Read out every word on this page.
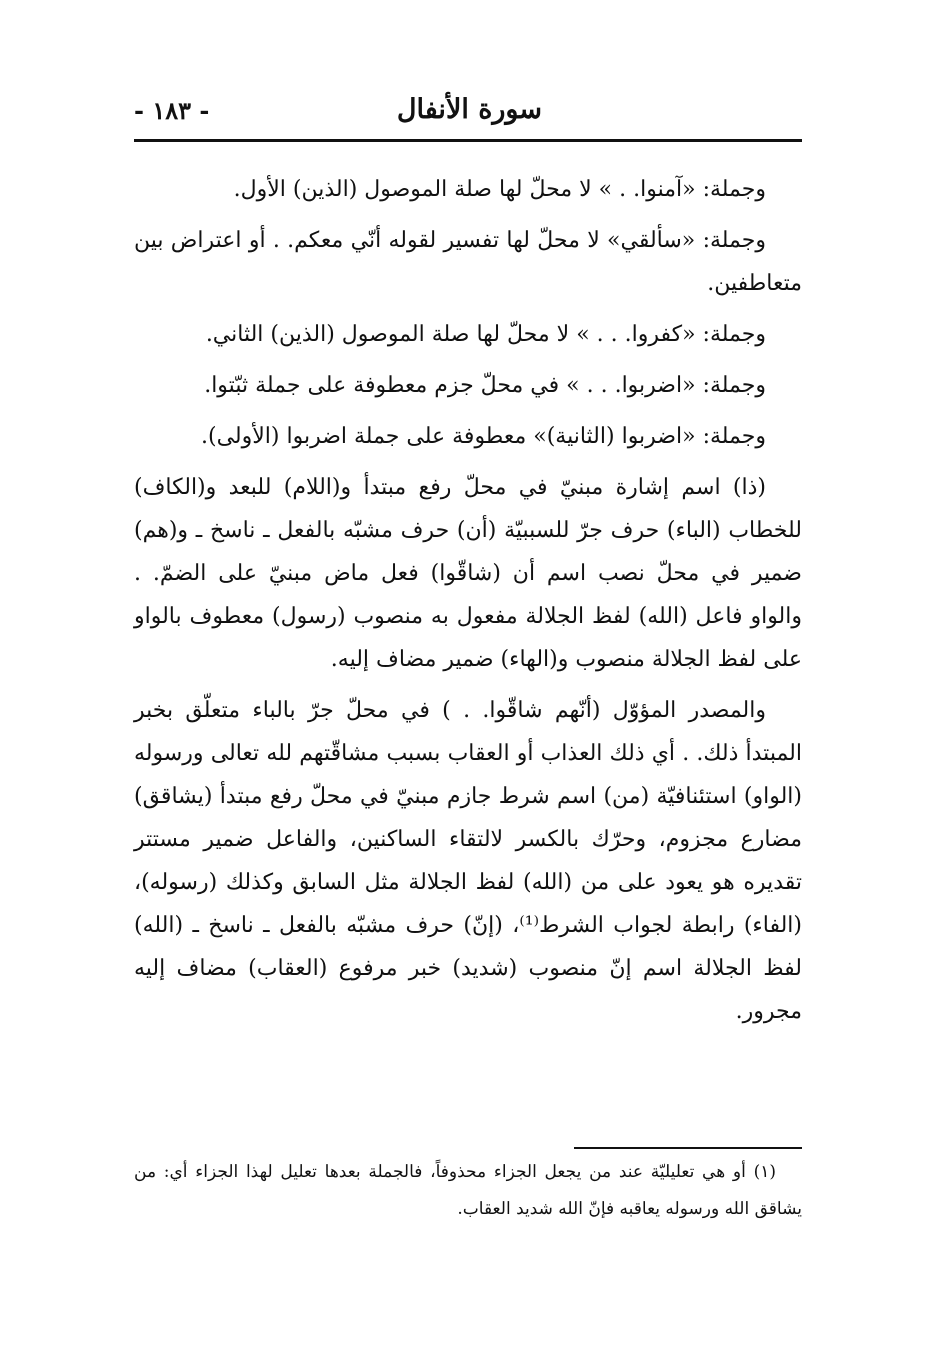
سورة الأنفال
- ١٨٣ -

وجملة: «آمنوا. . » لا محلّ لها صلة الموصول (الذين) الأول.

وجملة: «سألقي» لا محلّ لها تفسير لقوله أنّي معكم. . أو اعتراض بين متعاطفين.

وجملة: «كفروا. . . » لا محلّ لها صلة الموصول (الذين) الثاني.

وجملة: «اضربوا. . . » في محلّ جزم معطوفة على جملة ثبّتوا.

وجملة: «اضربوا (الثانية)» معطوفة على جملة اضربوا (الأولى).

(ذا) اسم إشارة مبنيّ في محلّ رفع مبتدأ و(اللام) للبعد و(الكاف) للخطاب (الباء) حرف جرّ للسببيّة (أن) حرف مشبّه بالفعل ـ ناسخ ـ و(هم) ضمير في محلّ نصب اسم أن (شاقّوا) فعل ماض مبنيّ على الضمّ. . والواو فاعل (الله) لفظ الجلالة مفعول به منصوب (رسول) معطوف بالواو على لفظ الجلالة منصوب و(الهاء) ضمير مضاف إليه.

والمصدر المؤوّل (أنّهم شاقّوا. . ) في محلّ جرّ بالباء متعلّق بخبر المبتدأ ذلك. . أي ذلك العذاب أو العقاب بسبب مشاقّتهم لله تعالى ورسوله (الواو) استئنافيّة (من) اسم شرط جازم مبنيّ في محلّ رفع مبتدأ (يشاقق) مضارع مجزوم، وحرّك بالكسر لالتقاء الساكنين، والفاعل ضمير مستتر تقديره هو يعود على من (الله) لفظ الجلالة مثل السابق وكذلك (رسوله)، (الفاء) رابطة لجواب الشرط⁽¹⁾، (إنّ) حرف مشبّه بالفعل ـ ناسخ ـ (الله) لفظ الجلالة اسم إنّ منصوب (شديد) خبر مرفوع (العقاب) مضاف إليه مجرور.

(١) أو هي تعليليّة عند من يجعل الجزاء محذوفاً، فالجملة بعدها تعليل لهذا الجزاء أي: من يشاقق الله ورسوله يعاقبه فإنّ الله شديد العقاب.
